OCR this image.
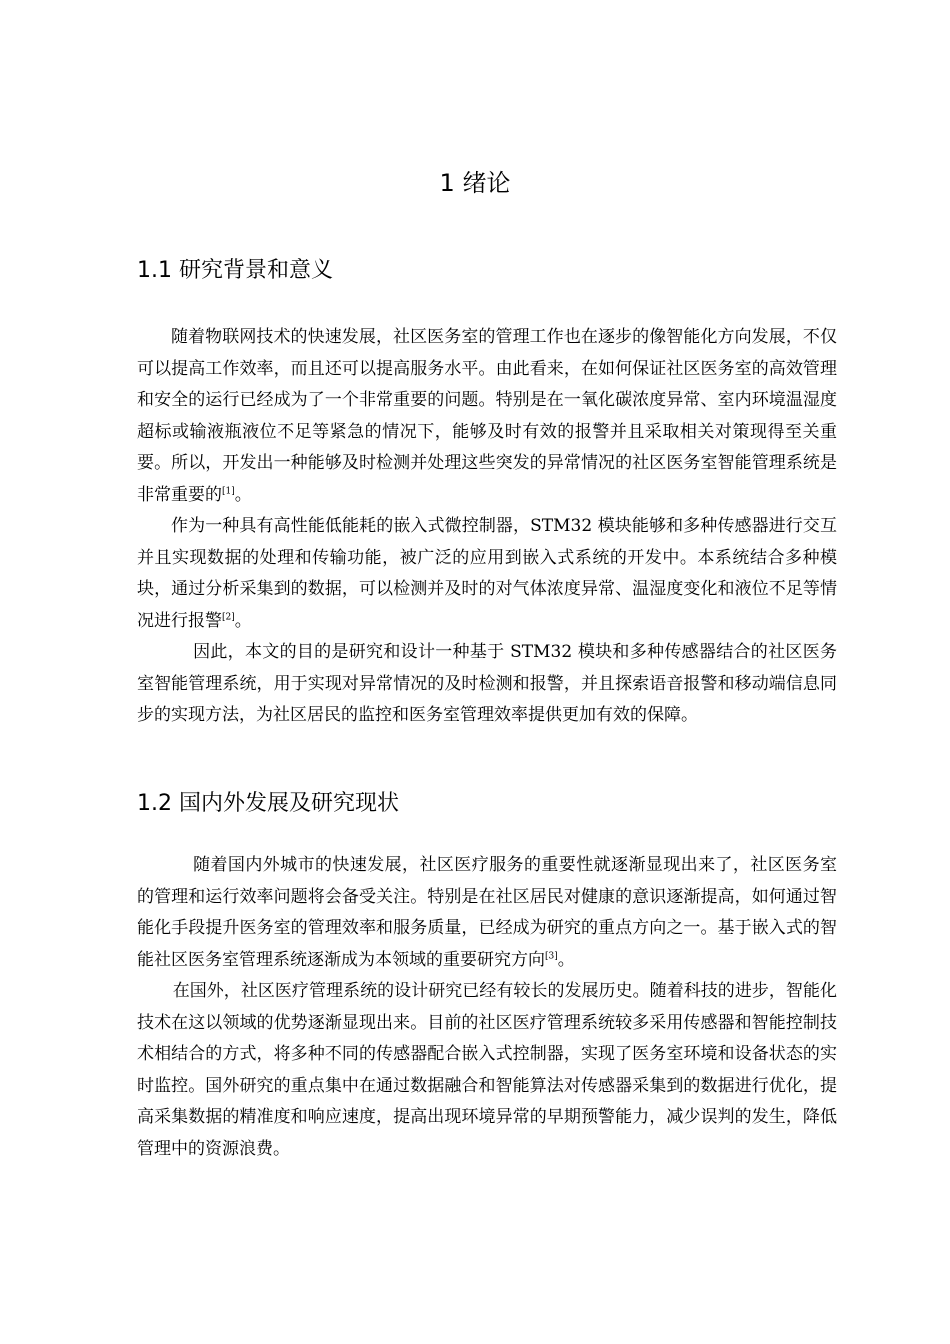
1 绪论
1.1 研究背景和意义

随着物联网技术的快速发展，社区医务室的管理工作也在逐步的像智能化方向发展，不仅可以提高工作效率，而且还可以提高服务水平。由此看来，在如何保证社区医务室的高效管理和安全的运行已经成为了一个非常重要的问题。特别是在一氧化碳浓度异常、室内环境温湿度超标或输液瓶液位不足等紧急的情况下，能够及时有效的报警并且采取相关对策现得至关重要。所以，开发出一种能够及时检测并处理这些突发的异常情况的社区医务室智能管理系统是非常重要的[1]。

作为一种具有高性能低能耗的嵌入式微控制器，STM32 模块能够和多种传感器进行交互并且实现数据的处理和传输功能，被广泛的应用到嵌入式系统的开发中。本系统结合多种模块，通过分析采集到的数据，可以检测并及时的对气体浓度异常、温湿度变化和液位不足等情况进行报警[2]。

因此，本文的目的是研究和设计一种基于 STM32 模块和多种传感器结合的社区医务室智能管理系统，用于实现对异常情况的及时检测和报警，并且探索语音报警和移动端信息同步的实现方法，为社区居民的监控和医务室管理效率提供更加有效的保障。

1.2 国内外发展及研究现状

随着国内外城市的快速发展，社区医疗服务的重要性就逐渐显现出来了，社区医务室的管理和运行效率问题将会备受关注。特别是在社区居民对健康的意识逐渐提高，如何通过智能化手段提升医务室的管理效率和服务质量，已经成为研究的重点方向之一。基于嵌入式的智能社区医务室管理系统逐渐成为本领域的重要研究方向[3]。

在国外，社区医疗管理系统的设计研究已经有较长的发展历史。随着科技的进步，智能化技术在这以领域的优势逐渐显现出来。目前的社区医疗管理系统较多采用传感器和智能控制技术相结合的方式，将多种不同的传感器配合嵌入式控制器，实现了医务室环境和设备状态的实时监控。国外研究的重点集中在通过数据融合和智能算法对传感器采集到的数据进行优化，提高采集数据的精准度和响应速度，提高出现环境异常的早期预警能力，减少误判的发生，降低管理中的资源浪费。
